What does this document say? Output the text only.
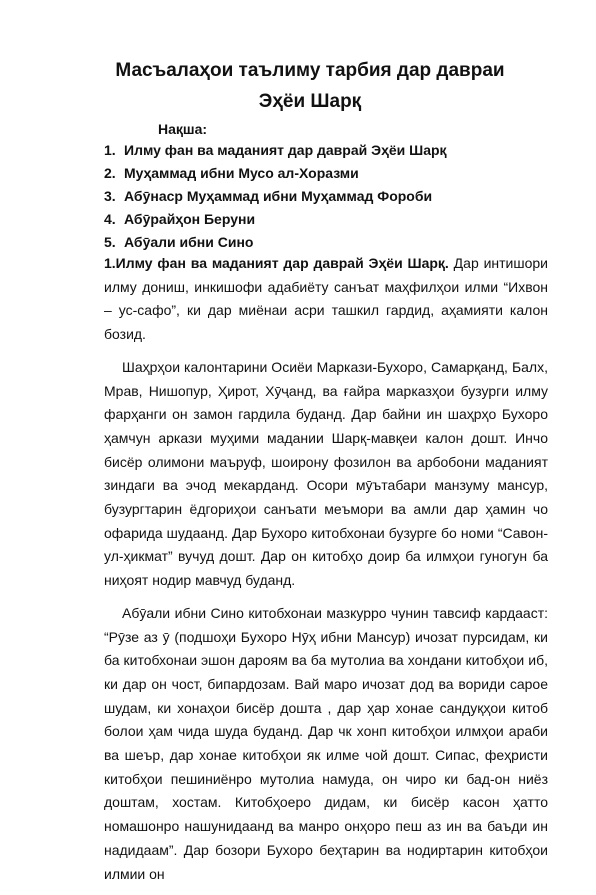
Масъалаҳои таълиму тарбия дар давраи
Эҳёи Шарқ
Нақша:
1. Илму фан ва маданият дар даврай Эҳёи Шарқ
2. Муҳаммад ибни Мусо ал-Хоразми
3. Абӯнаср Муҳаммад ибни Муҳаммад Фороби
4. Абӯрайҳон Беруни
5. Абӯали ибни Сино

1.Илму фан ва маданият дар даврай Эҳёи Шарқ. Дар интишори илму дониш, инкишофи адабиёту санъат маҳфилҳои илми “Ихвон – ус-сафо”, ки дар миёнаи асри ташкил гардид, аҳамияти калон бозид.

Шаҳрҳои калонтарини Осиёи Маркази-Бухоро, Самарқанд, Балх, Мрав, Нишопур, Ҳирот, Хӯҷанд, ва ғайра марказҳои бузурги илму фарҳанги он замон гардила буданд. Дар байни ин шаҳрҳо Бухоро ҳамчун аркази муҳими мадании Шарқ-мавқеи калон дошт. Инчо бисёр олимони маъруф, шоирону фозилон ва арбобони маданият зиндаги ва эчод мекарданд. Осори мӯътабари манзуму мансур, бузургтарин ёдгориҳои санъати меъмори ва амли дар ҳамин чо офарида шудаанд. Дар Бухоро китобхонаи бузурге бо номи “Савон-ул-ҳикмат” вучуд дошт. Дар он китобҳо доир ба илмҳои гуногун ба ниҳоят нодир мавчуд буданд.

Абӯали ибни Сино китобхонаи мазкурро чунин тавсиф кардааст: “Рӯзе аз ӯ (подшоҳи Бухоро Нӯҳ ибни Мансур) ичозат пурсидам, ки ба китобхонаи эшон дароям ва ба мутолиа ва хондани китобҳои иб, ки дар он чост, бипардозам. Вай маро ичозат дод ва вориди сарое шудам, ки хонаҳои бисёр дошта , дар ҳар хонае сандуқҳои китоб болои ҳам чида шуда буданд. Дар чк хонп китобҳои илмҳои араби ва шеър, дар хонае китобҳои як илме чой дошт. Сипас, феҳристи китобҳои пешиниёнро мутолиа намуда, он чиро ки бад-он ниёз доштам, хостам. Китобҳоеро дидам, ки бисёр касон ҳатто номашонро нашунидаанд ва манро онҳоро пеш аз ин ва баъди ин надидаам”. Дар бозори Бухоро беҳтарин ва нодиртарин китобҳои илмии он
